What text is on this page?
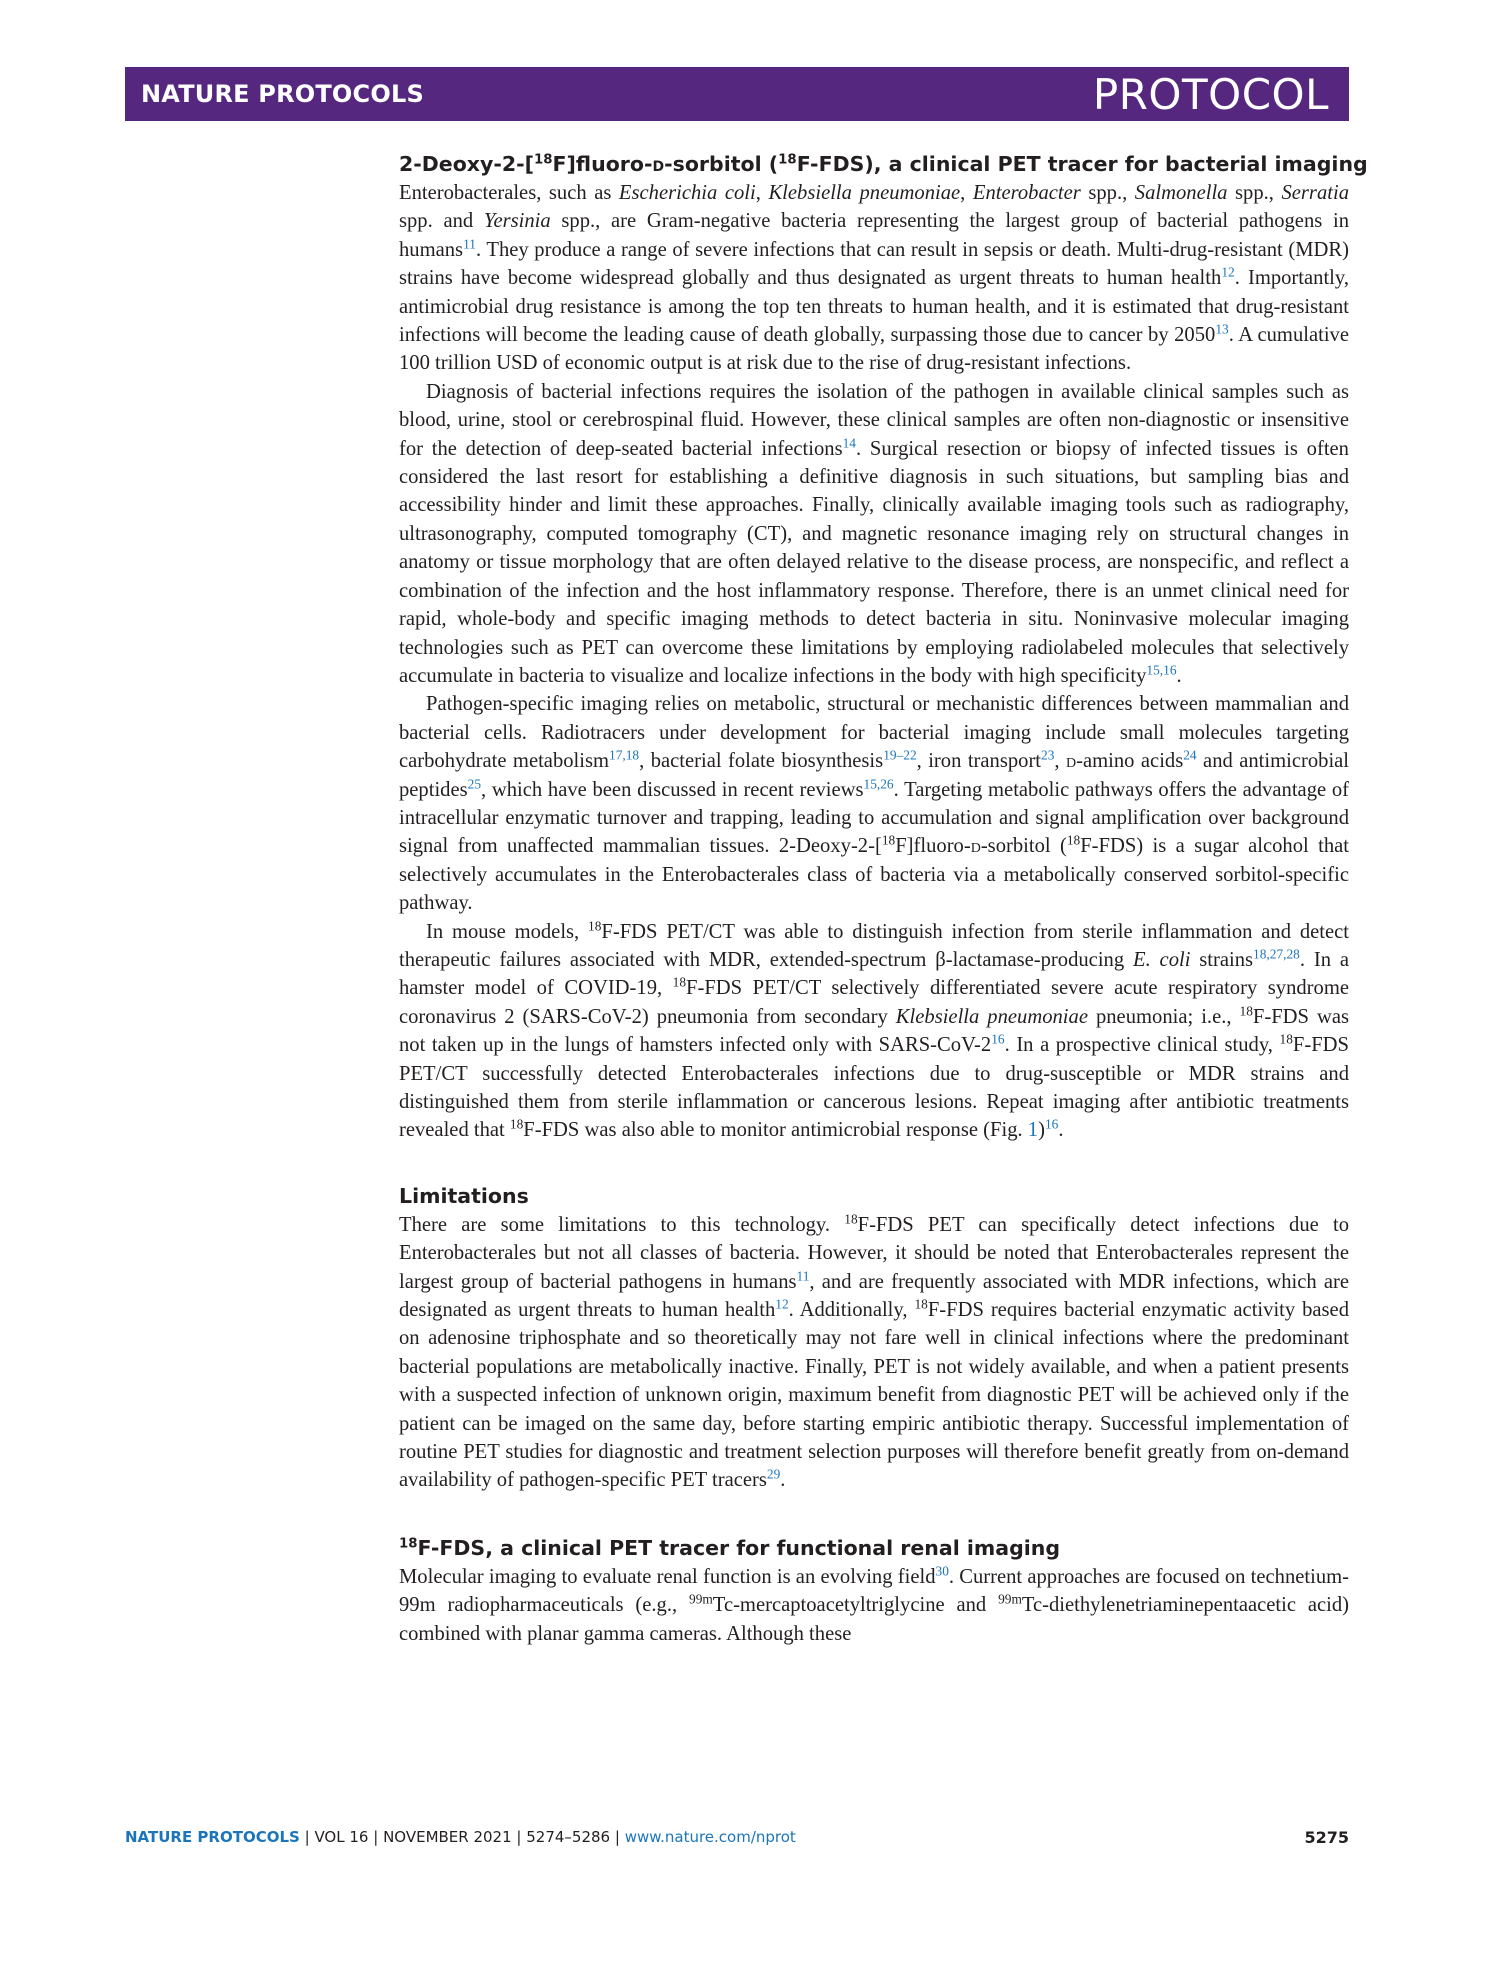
NATURE PROTOCOLS	PROTOCOL
2-Deoxy-2-[$^{18}$F]fluoro-d-sorbitol ($^{18}$F-FDS), a clinical PET tracer for bacterial imaging

Enterobacterales, such as Escherichia coli, Klebsiella pneumoniae, Enterobacter spp., Salmonella spp., Serratia spp. and Yersinia spp., are Gram-negative bacteria representing the largest group of bacterial pathogens in humans$^{11}$. They produce a range of severe infections that can result in sepsis or death. Multi-drug-resistant (MDR) strains have become widespread globally and thus designated as urgent threats to human health$^{12}$. Importantly, antimicrobial drug resistance is among the top ten threats to human health, and it is estimated that drug-resistant infections will become the leading cause of death globally, surpassing those due to cancer by 2050$^{13}$. A cumulative 100 trillion USD of economic output is at risk due to the rise of drug-resistant infections.

Diagnosis of bacterial infections requires the isolation of the pathogen in available clinical samples such as blood, urine, stool or cerebrospinal fluid. However, these clinical samples are often non-diagnostic or insensitive for the detection of deep-seated bacterial infections$^{14}$. Surgical resection or biopsy of infected tissues is often considered the last resort for establishing a definitive diagnosis in such situations, but sampling bias and accessibility hinder and limit these approaches. Finally, clinically available imaging tools such as radiography, ultrasonography, computed tomography (CT), and magnetic resonance imaging rely on structural changes in anatomy or tissue morphology that are often delayed relative to the disease process, are nonspecific, and reflect a combination of the infection and the host inflammatory response. Therefore, there is an unmet clinical need for rapid, whole-body and specific imaging methods to detect bacteria in situ. Noninvasive molecular imaging technologies such as PET can overcome these limitations by employing radiolabeled molecules that selectively accumulate in bacteria to visualize and localize infections in the body with high specificity$^{15,16}$.

Pathogen-specific imaging relies on metabolic, structural or mechanistic differences between mammalian and bacterial cells. Radiotracers under development for bacterial imaging include small molecules targeting carbohydrate metabolism$^{17,18}$, bacterial folate biosynthesis$^{19-22}$, iron transport$^{23}$, d-amino acids$^{24}$ and antimicrobial peptides$^{25}$, which have been discussed in recent reviews$^{15,26}$. Targeting metabolic pathways offers the advantage of intracellular enzymatic turnover and trapping, leading to accumulation and signal amplification over background signal from unaffected mammalian tissues. 2-Deoxy-2-[$^{18}$F]fluoro-d-sorbitol ($^{18}$F-FDS) is a sugar alcohol that selectively accumulates in the Enterobacterales class of bacteria via a metabolically conserved sorbitol-specific pathway.

In mouse models, $^{18}$F-FDS PET/CT was able to distinguish infection from sterile inflammation and detect therapeutic failures associated with MDR, extended-spectrum β-lactamase-producing E. coli strains$^{18,27,28}$. In a hamster model of COVID-19, $^{18}$F-FDS PET/CT selectively differentiated severe acute respiratory syndrome coronavirus 2 (SARS-CoV-2) pneumonia from secondary Klebsiella pneumoniae pneumonia; i.e., $^{18}$F-FDS was not taken up in the lungs of hamsters infected only with SARS-CoV-2$^{16}$. In a prospective clinical study, $^{18}$F-FDS PET/CT successfully detected Enterobacterales infections due to drug-susceptible or MDR strains and distinguished them from sterile inflammation or cancerous lesions. Repeat imaging after antibiotic treatments revealed that $^{18}$F-FDS was also able to monitor antimicrobial response (Fig. 1)$^{16}$.

Limitations

There are some limitations to this technology. $^{18}$F-FDS PET can specifically detect infections due to Enterobacterales but not all classes of bacteria. However, it should be noted that Enterobacterales represent the largest group of bacterial pathogens in humans$^{11}$, and are frequently associated with MDR infections, which are designated as urgent threats to human health$^{12}$. Additionally, $^{18}$F-FDS requires bacterial enzymatic activity based on adenosine triphosphate and so theoretically may not fare well in clinical infections where the predominant bacterial populations are metabolically inactive. Finally, PET is not widely available, and when a patient presents with a suspected infection of unknown origin, maximum benefit from diagnostic PET will be achieved only if the patient can be imaged on the same day, before starting empiric antibiotic therapy. Successful implementation of routine PET studies for diagnostic and treatment selection purposes will therefore benefit greatly from on-demand availability of pathogen-specific PET tracers$^{29}$.

$^{18}$F-FDS, a clinical PET tracer for functional renal imaging

Molecular imaging to evaluate renal function is an evolving field$^{30}$. Current approaches are focused on technetium-99m radiopharmaceuticals (e.g., $^{99m}$Tc-mercaptoacetyltriglycine and $^{99m}$Tc-diethylenetriaminepentaacetic acid) combined with planar gamma cameras. Although these

NATURE PROTOCOLS | VOL 16 | NOVEMBER 2021 | 5274–5286 | www.nature.com/nprot	5275
